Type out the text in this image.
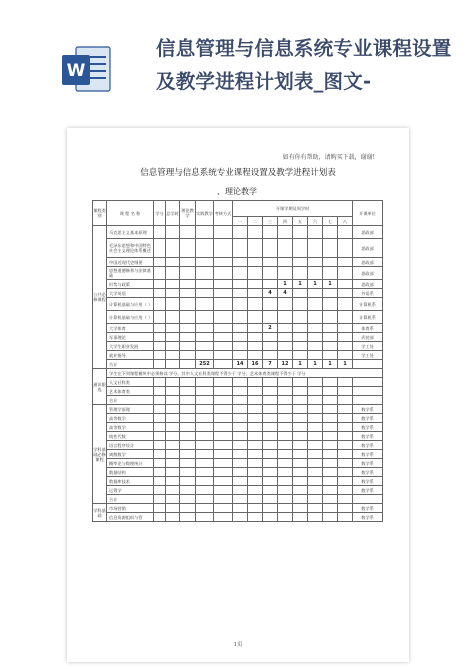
W
信息管理与信息系统专业课程设置及教学进程计划表_图文-
如有你有帮助，请购买下载，谢谢!
信息管理与信息系统专业课程设置及教学进程计划表
、理论教学
课程类别	课 程 名 称	学分	总学时	理论教学	实践教学	考核方式	开课学期及周学时								开课单位
							一	二	三	四	五	六	七	八	
公共必修课程	马克思主义基本原理														思政部
	毛泽东思想和中国特色社会主义理论体系概述														思政部
	中国近现代史纲要														思政部
	思想道德修养与法律基础														思政部
	形势与政策									1	1	1	1		思政部
	大学英语								4	4					外语系
	计算机基础与应用（ ）														计算机系
	计算机基础与应用（ ）														计算机系
	大学体育								2						体育系
	军事理论														武装部
	大学生职业发展														学工处
	就业指导														学工处
	合计				252		14	16	7	12	1	1	1	1	
通识限选	学生在下列课程模块中必须修读 学分。其中人文社科类课程不得少于 学分，艺术体育类课程不得少于 学分														
	人文社科类														
	艺术体育类														
	合计														
学科基础必修课程	管理学原理														数学系
	高等数学														数学系
	高等数学														数学系
	线性代数														数学系
	语言程序设计														数学系
	离散数学														数学系
	概率论与数理统计														数学系
	数据结构														数学系
	数据库技术														数学系
	运筹学														数学系
	合计														
学科基础	市场营销														数学系
	信息资源组织与管														数学系
1页
